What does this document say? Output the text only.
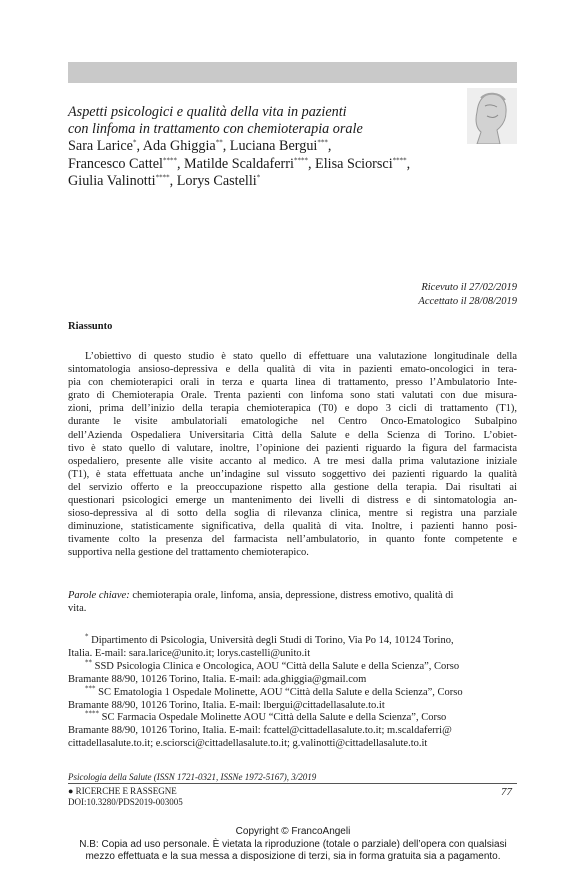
Aspetti psicologici e qualità della vita in pazienti
con linfoma in trattamento con chemioterapia orale
Sara Larice*, Ada Ghiggia**, Luciana Bergui***,
Francesco Cattel****, Matilde Scaldaferri****, Elisa Sciorsci****,
Giulia Valinotti****, Lorys Castelli*
Ricevuto il 27/02/2019
Accettato il 28/08/2019
Riassunto
L’obiettivo di questo studio è stato quello di effettuare una valutazione longitudinale della
sintomatologia ansioso-depressiva e della qualità di vita in pazienti emato-oncologici in tera-
pia con chemioterapici orali in terza e quarta linea di trattamento, presso l’Ambulatorio Inte-
grato di Chemioterapia Orale. Trenta pazienti con linfoma sono stati valutati con due misura-
zioni, prima dell’inizio della terapia chemioterapica (T0) e dopo 3 cicli di trattamento (T1),
durante le visite ambulatoriali ematologiche nel Centro Onco-Ematologico Subalpino
dell’Azienda Ospedaliera Universitaria Città della Salute e della Scienza di Torino. L’obiet-
tivo è stato quello di valutare, inoltre, l’opinione dei pazienti riguardo la figura del farmacista
ospedaliero, presente alle visite accanto al medico. A tre mesi dalla prima valutazione iniziale
(T1), è stata effettuata anche un’indagine sul vissuto soggettivo dei pazienti riguardo la qualità
del servizio offerto e la preoccupazione rispetto alla gestione della terapia. Dai risultati ai
questionari psicologici emerge un mantenimento dei livelli di distress e di sintomatologia an-
sioso-depressiva al di sotto della soglia di rilevanza clinica, mentre si registra una parziale
diminuzione, statisticamente significativa, della qualità di vita. Inoltre, i pazienti hanno posi-
tivamente colto la presenza del farmacista nell’ambulatorio, in quanto fonte competente e
supportiva nella gestione del trattamento chemioterapico.
Parole chiave: chemioterapia orale, linfoma, ansia, depressione, distress emotivo, qualità di
vita.
* Dipartimento di Psicologia, Università degli Studi di Torino, Via Po 14, 10124 Torino,
Italia. E-mail: sara.larice@unito.it; lorys.castelli@unito.it
** SSD Psicologia Clinica e Oncologica, AOU “Città della Salute e della Scienza”, Corso
Bramante 88/90, 10126 Torino, Italia. E-mail: ada.ghiggia@gmail.com
*** SC Ematologia 1 Ospedale Molinette, AOU “Città della Salute e della Scienza”, Corso
Bramante 88/90, 10126 Torino, Italia. E-mail: lbergui@cittadellasalute.to.it
**** SC Farmacia Ospedale Molinette AOU “Città della Salute e della Scienza”, Corso
Bramante 88/90, 10126 Torino, Italia. E-mail: fcattel@cittadellasalute.to.it; m.scaldaferri@
cittadellasalute.to.it; e.sciorsci@cittadellasalute.to.it; g.valinotti@cittadellasalute.to.it
Psicologia della Salute (ISSN 1721-0321, ISSNe 1972-5167), 3/2019
● RICERCHE E RASSEGNE
DOI:10.3280/PDS2019-003005
77
Copyright © FrancoAngeli
N.B: Copia ad uso personale. È vietata la riproduzione (totale o parziale) dell’opera con qualsiasi
mezzo effettuata e la sua messa a disposizione di terzi, sia in forma gratuita sia a pagamento.
